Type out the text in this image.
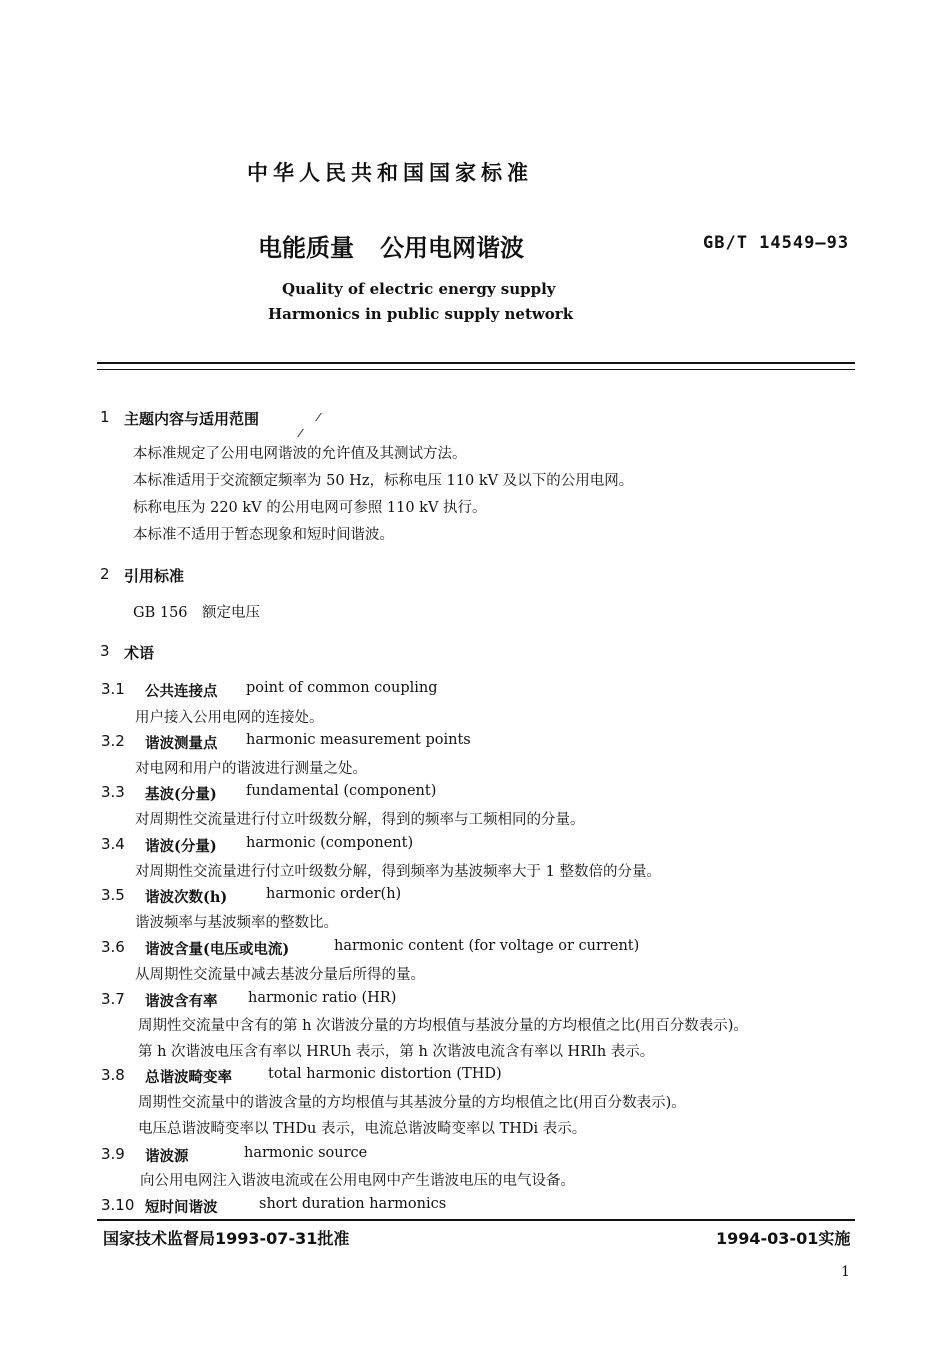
中华人民共和国国家标准
电能质量 公用电网谐波	GB/T 14549—93
Quality of electric energy supply
Harmonics in public supply network
1 主题内容与适用范围
本标准规定了公用电网谐波的允许值及其测试方法。
本标准适用于交流额定频率为 50 Hz，标称电压 110 kV 及以下的公用电网。
标称电压为 220 kV 的公用电网可参照 110 kV 执行。
本标准不适用于暂态现象和短时间谐波。
2 引用标准
GB 156　额定电压
3 术语
3.1 公共连接点 point of common coupling
用户接入公用电网的连接处。
3.2 谐波测量点 harmonic measurement points
对电网和用户的谐波进行测量之处。
3.3 基波(分量) fundamental (component)
对周期性交流量进行付立叶级数分解，得到的频率与工频相同的分量。
3.4 谐波(分量) harmonic (component)
对周期性交流量进行付立叶级数分解，得到频率为基波频率大于 1 整数倍的分量。
3.5 谐波次数(h)	harmonic order(h)
谐波频率与基波频率的整数比。
3.6 谐波含量(电压或电流)	harmonic content (for voltage or current)
从周期性交流量中减去基波分量后所得的量。
3.7 谐波含有率 harmonic ratio (HR)
周期性交流量中含有的第 h 次谐波分量的方均根值与基波分量的方均根值之比(用百分数表示)。
第 h 次谐波电压含有率以 HRUh 表示，第 h 次谐波电流含有率以 HRIh 表示。
3.8 总谐波畸变率 total harmonic distortion (THD)
周期性交流量中的谐波含量的方均根值与其基波分量的方均根值之比(用百分数表示)。
电压总谐波畸变率以 THDu 表示，电流总谐波畸变率以 THDi 表示。
3.9 谐波源	harmonic source
向公用电网注入谐波电流或在公用电网中产生谐波电压的电气设备。
3.10 短时间谐波	short duration harmonics
国家技术监督局1993-07-31批准	1994-03-01实施
1
